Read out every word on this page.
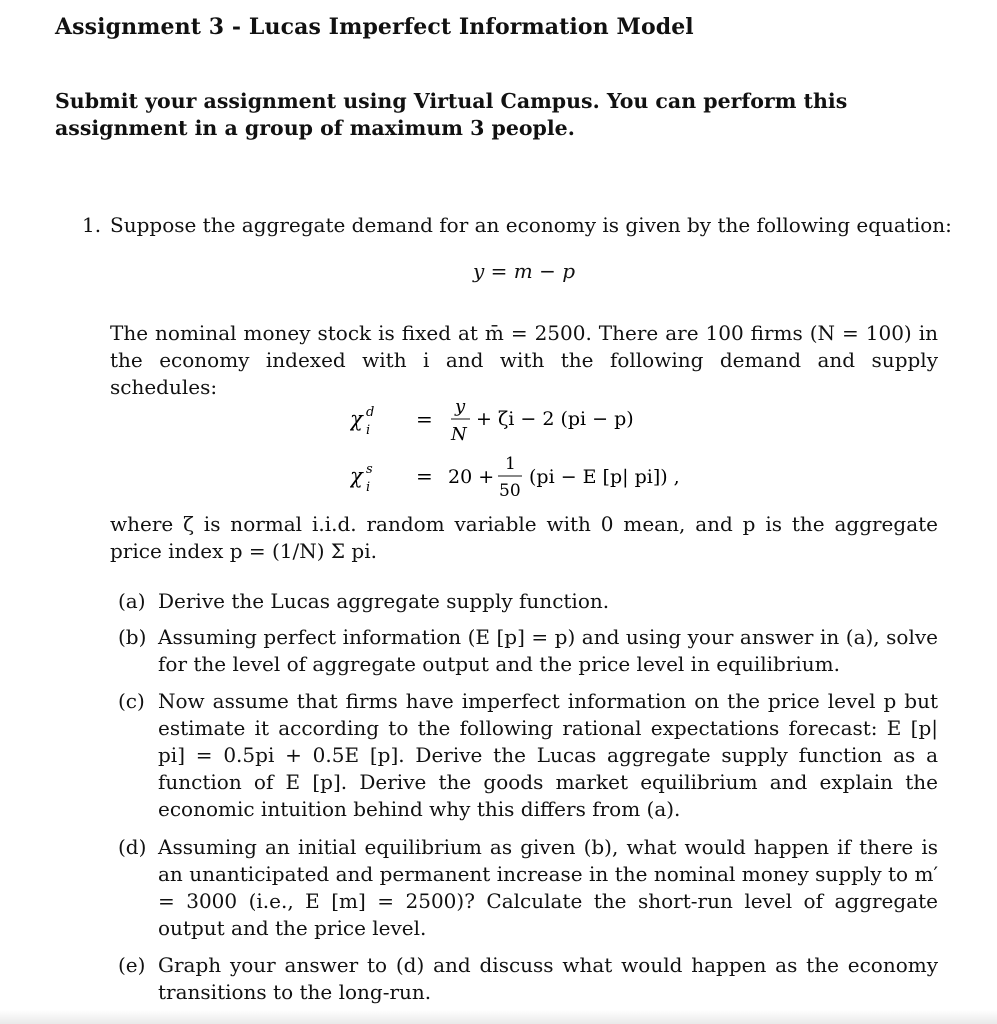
Assignment 3 - Lucas Imperfect Information Model
Submit your assignment using Virtual Campus. You can perform this assignment in a group of maximum 3 people.
1. Suppose the aggregate demand for an economy is given by the following equation:
y = m − p
The nominal money stock is fixed at m̄ = 2500. There are 100 firms (N = 100) in the economy indexed with i and with the following demand and supply schedules:
χ d
i =
y
N
+ ζi − 2 (pi − p)
χ s
i = 20 +
1
50
(pi − E [p| pi]) ,
where ζ is normal i.i.d. random variable with 0 mean, and p is the aggregate price index p = (1/N) Σ pi.
(a) Derive the Lucas aggregate supply function.
(b) Assuming perfect information (E [p] = p) and using your answer in (a), solve for the level of aggregate output and the price level in equilibrium.
(c) Now assume that firms have imperfect information on the price level p but estimate it according to the following rational expectations forecast: E [p| pi] = 0.5pi + 0.5E [p]. Derive the Lucas aggregate supply function as a function of E [p]. Derive the goods market equilibrium and explain the economic intuition behind why this differs from (a).
(d) Assuming an initial equilibrium as given (b), what would happen if there is an unanticipated and permanent increase in the nominal money supply to m′ = 3000 (i.e., E [m] = 2500)? Calculate the short-run level of aggregate output and the price level.
(e) Graph your answer to (d) and discuss what would happen as the economy transitions to the long-run.
